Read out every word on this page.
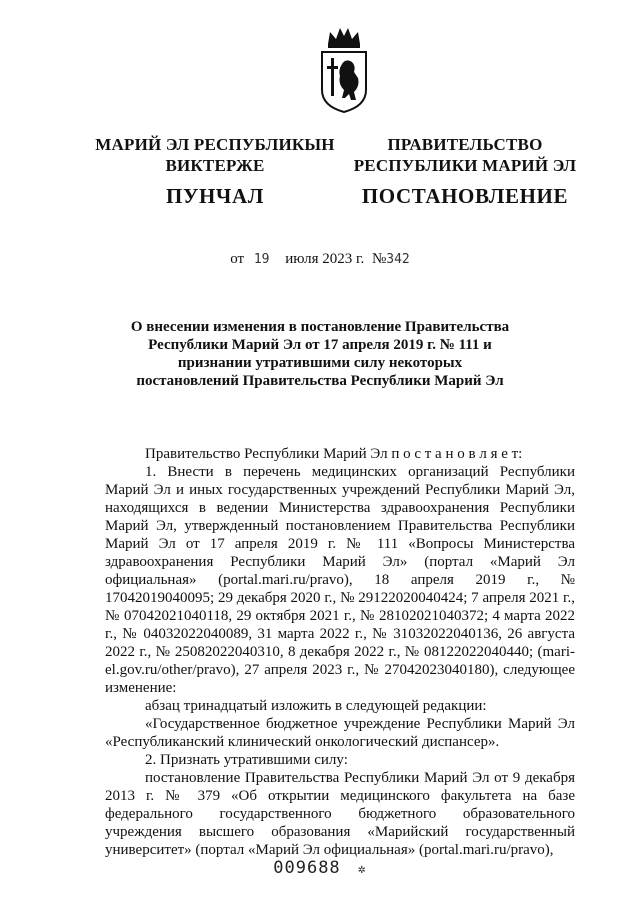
МАРИЙ ЭЛ РЕСПУБЛИКЫН
ВИКТЕРЖЕ
ПУНЧАЛ
ПРАВИТЕЛЬСТВО
РЕСПУБЛИКИ МАРИЙ ЭЛ
ПОСТАНОВЛЕНИЕ
от 19 июля 2023 г. №342
О внесении изменения в постановление Правительства Республики Марий Эл от 17 апреля 2019 г. № 111 и признании утратившими силу некоторых постановлений Правительства Республики Марий Эл

Правительство Республики Марий Эл п о с т а н о в л я е т:

1. Внести в перечень медицинских организаций Республики Марий Эл и иных государственных учреждений Республики Марий Эл, находящихся в ведении Министерства здравоохранения Республики Марий Эл, утвержденный постановлением Правительства Республики Марий Эл от 17 апреля 2019 г. № 111 «Вопросы Министерства здравоохранения Республики Марий Эл» (портал «Марий Эл официальная» (portal.mari.ru/pravo), 18 апреля 2019 г., № 17042019040095; 29 декабря 2020 г., № 29122020040424; 7 апреля 2021 г., № 07042021040118, 29 октября 2021 г., № 28102021040372; 4 марта 2022 г., № 04032022040089, 31 марта 2022 г., № 31032022040136, 26 августа 2022 г., № 25082022040310, 8 декабря 2022 г., № 08122022040440; (mari-el.gov.ru/other/pravo), 27 апреля 2023 г., № 27042023040180), следующее изменение:

абзац тринадцатый изложить в следующей редакции:

«Государственное бюджетное учреждение Республики Марий Эл «Республиканский клинический онкологический диспансер».

2. Признать утратившими силу:

постановление Правительства Республики Марий Эл от 9 декабря 2013 г. № 379 «Об открытии медицинского факультета на базе федерального государственного бюджетного образовательного учреждения высшего образования «Марийский государственный университет» (портал «Марий Эл официальная» (portal.mari.ru/pravo),

009688 ✲
